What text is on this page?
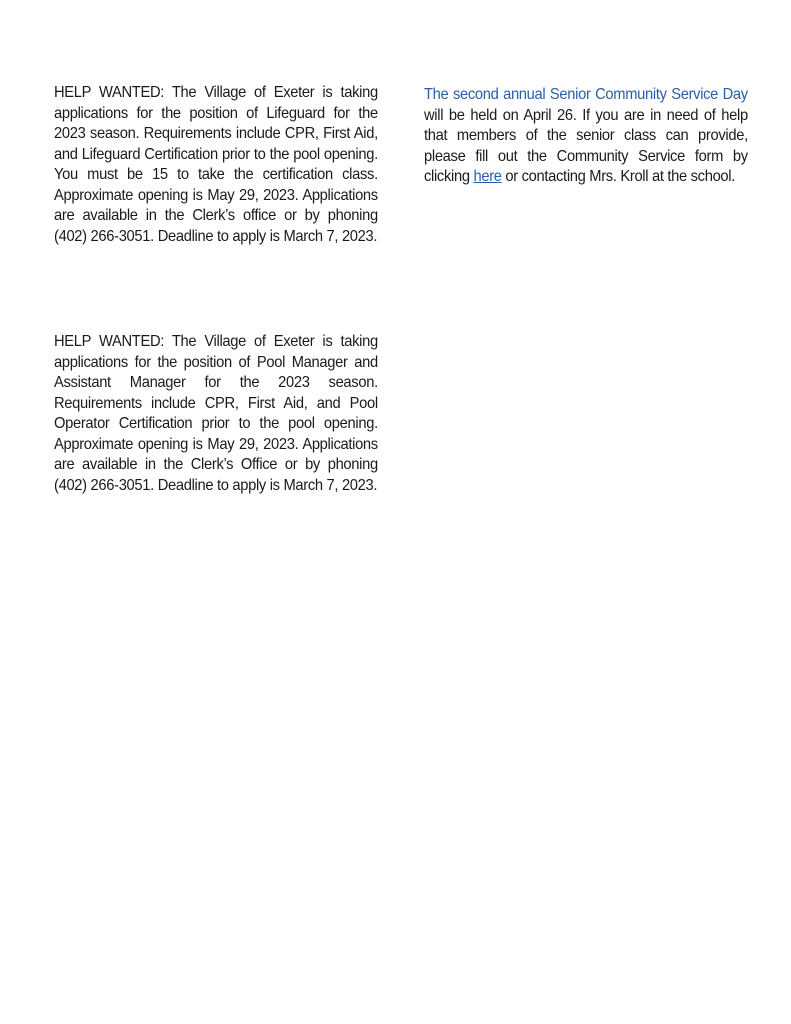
HELP WANTED: The Village of Exeter is taking applications for the position of Lifeguard for the 2023 season. Requirements include CPR, First Aid, and Lifeguard Certification prior to the pool opening. You must be 15 to take the certification class. Approximate opening is May 29, 2023. Applications are available in the Clerk’s office or by phoning (402) 266-3051. Deadline to apply is March 7, 2023.

HELP WANTED: The Village of Exeter is taking applications for the position of Pool Manager and Assistant Manager for the 2023 season. Requirements include CPR, First Aid, and Pool Operator Certification prior to the pool opening. Approximate opening is May 29, 2023. Applications are available in the Clerk’s Office or by phoning (402) 266-3051. Deadline to apply is March 7, 2023.

The second annual Senior Community Service Day will be held on April 26. If you are in need of help that members of the senior class can provide, please fill out the Community Service form by clicking here or contacting Mrs. Kroll at the school.
